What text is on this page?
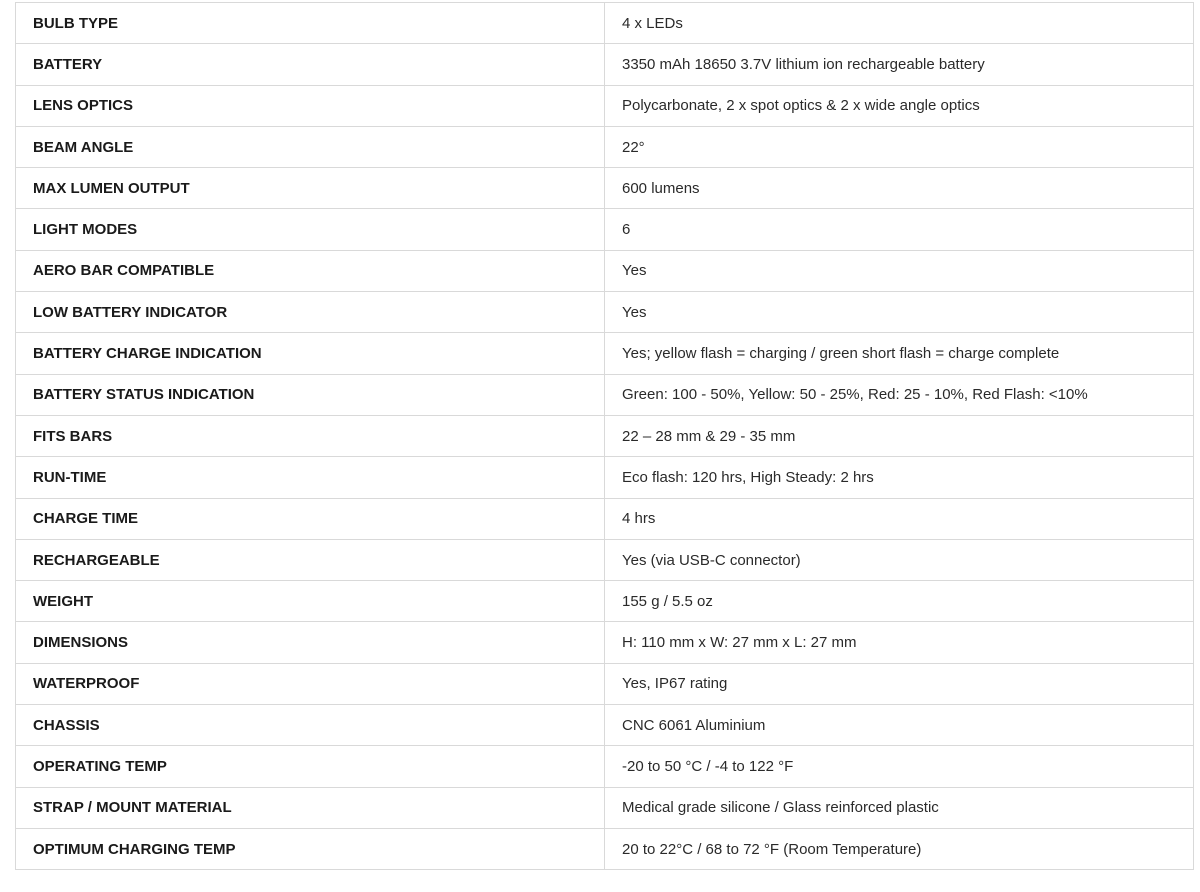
BULB TYPE	4 x LEDs
BATTERY	3350 mAh 18650 3.7V lithium ion rechargeable battery
LENS OPTICS	Polycarbonate, 2 x spot optics & 2 x wide angle optics
BEAM ANGLE	22°
MAX LUMEN OUTPUT	600 lumens
LIGHT MODES	6
AERO BAR COMPATIBLE	Yes
LOW BATTERY INDICATOR	Yes
BATTERY CHARGE INDICATION	Yes; yellow flash = charging / green short flash = charge complete
BATTERY STATUS INDICATION	Green: 100 - 50%, Yellow: 50 - 25%, Red: 25 - 10%, Red Flash: <10%
FITS BARS	22 – 28 mm & 29 - 35 mm
RUN-TIME	Eco flash: 120 hrs, High Steady: 2 hrs
CHARGE TIME	4 hrs
RECHARGEABLE	Yes (via USB-C connector)
WEIGHT	155 g / 5.5 oz
DIMENSIONS	H: 110 mm x W: 27 mm x L: 27 mm
WATERPROOF	Yes, IP67 rating
CHASSIS	CNC 6061 Aluminium
OPERATING TEMP	-20 to 50 °C / -4 to 122 °F
STRAP / MOUNT MATERIAL	Medical grade silicone / Glass reinforced plastic
OPTIMUM CHARGING TEMP	20 to 22°C / 68 to 72 °F (Room Temperature)
